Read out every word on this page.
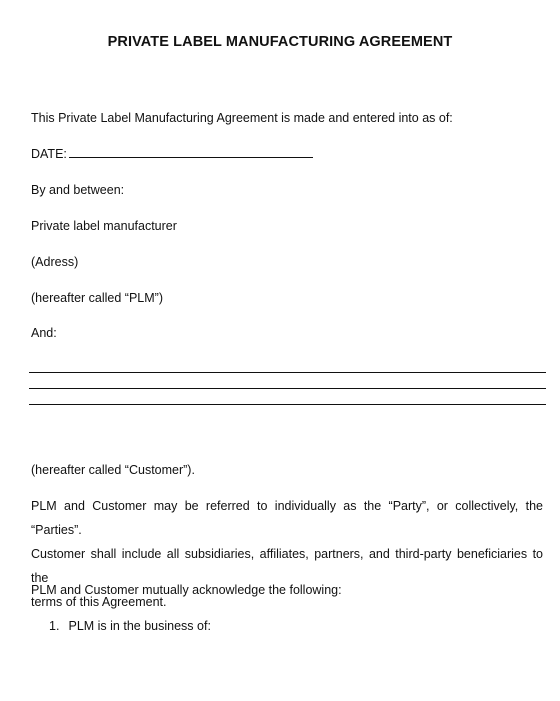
PRIVATE LABEL MANUFACTURING AGREEMENT
This Private Label Manufacturing Agreement is made and entered into as of:
DATE:
By and between:
Private label manufacturer
(Adress)
(hereafter called “PLM”)
And:
(hereafter called “Customer”).
PLM and Customer may be referred to individually as the “Party”, or collectively, the “Parties”.
Customer shall include all subsidiaries, affiliates, partners, and third-party beneficiaries to the
terms of this Agreement.
PLM and Customer mutually acknowledge the following:
1. PLM is in the business of:
